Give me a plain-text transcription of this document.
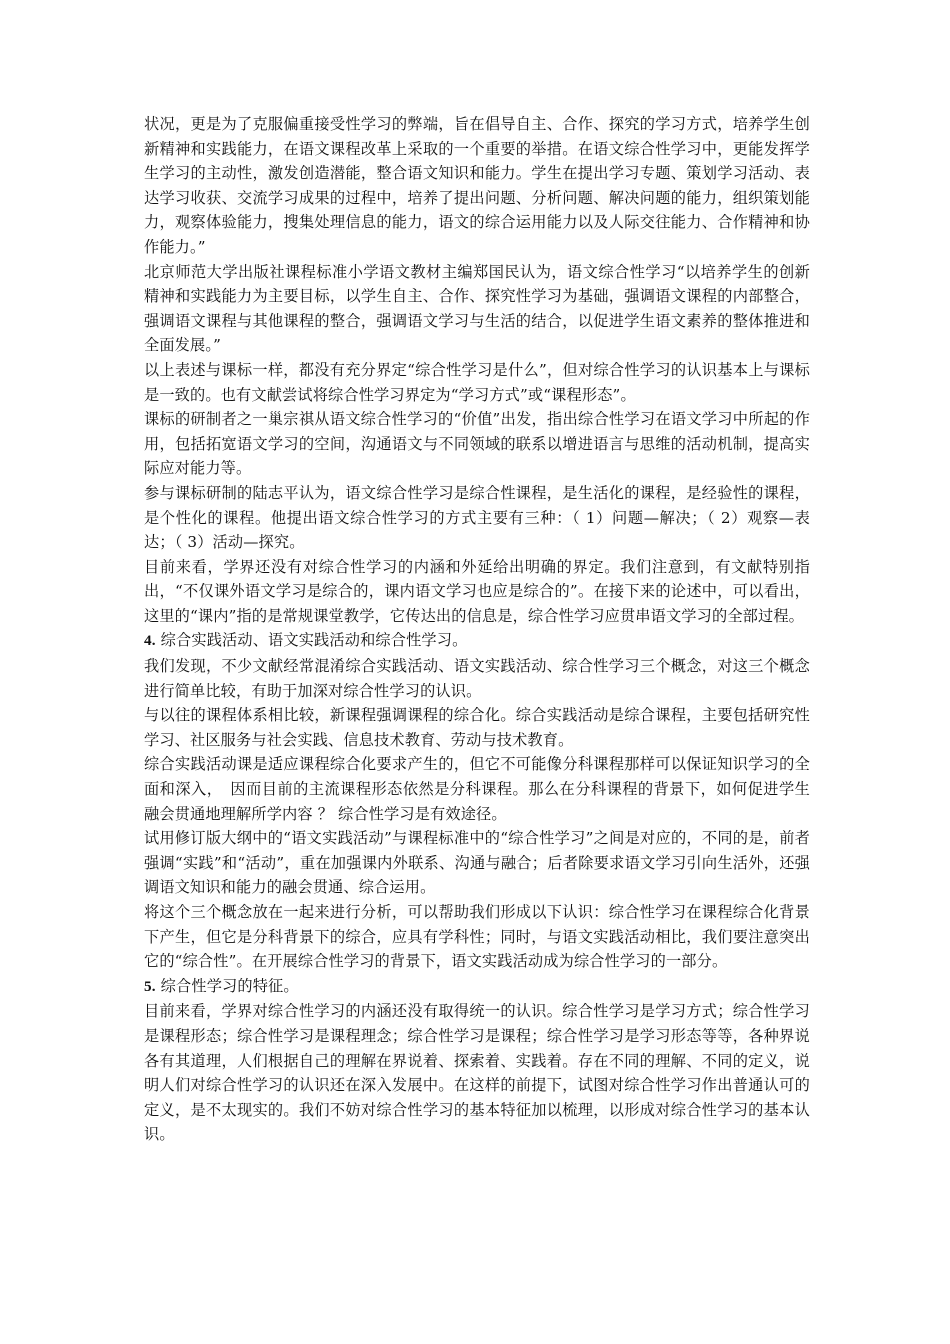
状况，更是为了克服偏重接受性学习的弊端，旨在倡导自主、合作、探究的学习方式，培养学生创新精神和实践能力，在语文课程改革上采取的一个重要的举措。在语文综合性学习中，更能发挥学生学习的主动性，激发创造潜能，整合语文知识和能力。学生在提出学习专题、策划学习活动、表达学习收获、交流学习成果的过程中，培养了提出问题、分析问题、解决问题的能力，组织策划能力，观察体验能力，搜集处理信息的能力，语文的综合运用能力以及人际交往能力、合作精神和协作能力。”

北京师范大学出版社课程标准小学语文教材主编郑国民认为，语文综合性学习“以培养学生的创新精神和实践能力为主要目标，以学生自主、合作、探究性学习为基础，强调语文课程的内部整合，强调语文课程与其他课程的整合，强调语文学习与生活的结合，以促进学生语文素养的整体推进和全面发展。”

以上表述与课标一样，都没有充分界定“综合性学习是什么”，但对综合性学习的认识基本上与课标是一致的。也有文献尝试将综合性学习界定为“学习方式”或“课程形态”。

课标的研制者之一巢宗祺从语文综合性学习的“价值”出发，指出综合性学习在语文学习中所起的作用，包括拓宽语文学习的空间，沟通语文与不同领域的联系以增进语言与思维的活动机制，提高实际应对能力等。

参与课标研制的陆志平认为，语文综合性学习是综合性课程，是生活化的课程，是经验性的课程，是个性化的课程。他提出语文综合性学习的方式主要有三种：（ 1）问题—解决；（ 2）观察—表达；（ 3）活动—探究。

目前来看，学界还没有对综合性学习的内涵和外延给出明确的界定。我们注意到，有文献特别指出，“不仅课外语文学习是综合的，课内语文学习也应是综合的”。在接下来的论述中，可以看出，这里的“课内”指的是常规课堂教学，它传达出的信息是，综合性学习应贯串语文学习的全部过程。

4. 综合实践活动、语文实践活动和综合性学习。

我们发现，不少文献经常混淆综合实践活动、语文实践活动、综合性学习三个概念，对这三个概念进行简单比较，有助于加深对综合性学习的认识。

与以往的课程体系相比较，新课程强调课程的综合化。综合实践活动是综合课程，主要包括研究性学习、社区服务与社会实践、信息技术教育、劳动与技术教育。

综合实践活动课是适应课程综合化要求产生的，但它不可能像分科课程那样可以保证知识学习的全面和深入，　因而目前的主流课程形态依然是分科课程。那么在分科课程的背景下，如何促进学生融会贯通地理解所学内容 ？ 综合性学习是有效途径。

试用修订版大纲中的“语文实践活动”与课程标准中的“综合性学习”之间是对应的，不同的是，前者强调“实践”和“活动”，重在加强课内外联系、沟通与融合；后者除要求语文学习引向生活外，还强调语文知识和能力的融会贯通、综合运用。

将这个三个概念放在一起来进行分析，可以帮助我们形成以下认识：综合性学习在课程综合化背景下产生，但它是分科背景下的综合，应具有学科性；同时，与语文实践活动相比，我们要注意突出它的“综合性”。在开展综合性学习的背景下，语文实践活动成为综合性学习的一部分。

5. 综合性学习的特征。

目前来看，学界对综合性学习的内涵还没有取得统一的认识。综合性学习是学习方式；综合性学习是课程形态；综合性学习是课程理念；综合性学习是课程；综合性学习是学习形态等等，各种界说各有其道理，人们根据自己的理解在界说着、探索着、实践着。存在不同的理解、不同的定义，说明人们对综合性学习的认识还在深入发展中。在这样的前提下，试图对综合性学习作出普通认可的定义，是不太现实的。我们不妨对综合性学习的基本特征加以梳理，以形成对综合性学习的基本认识。
